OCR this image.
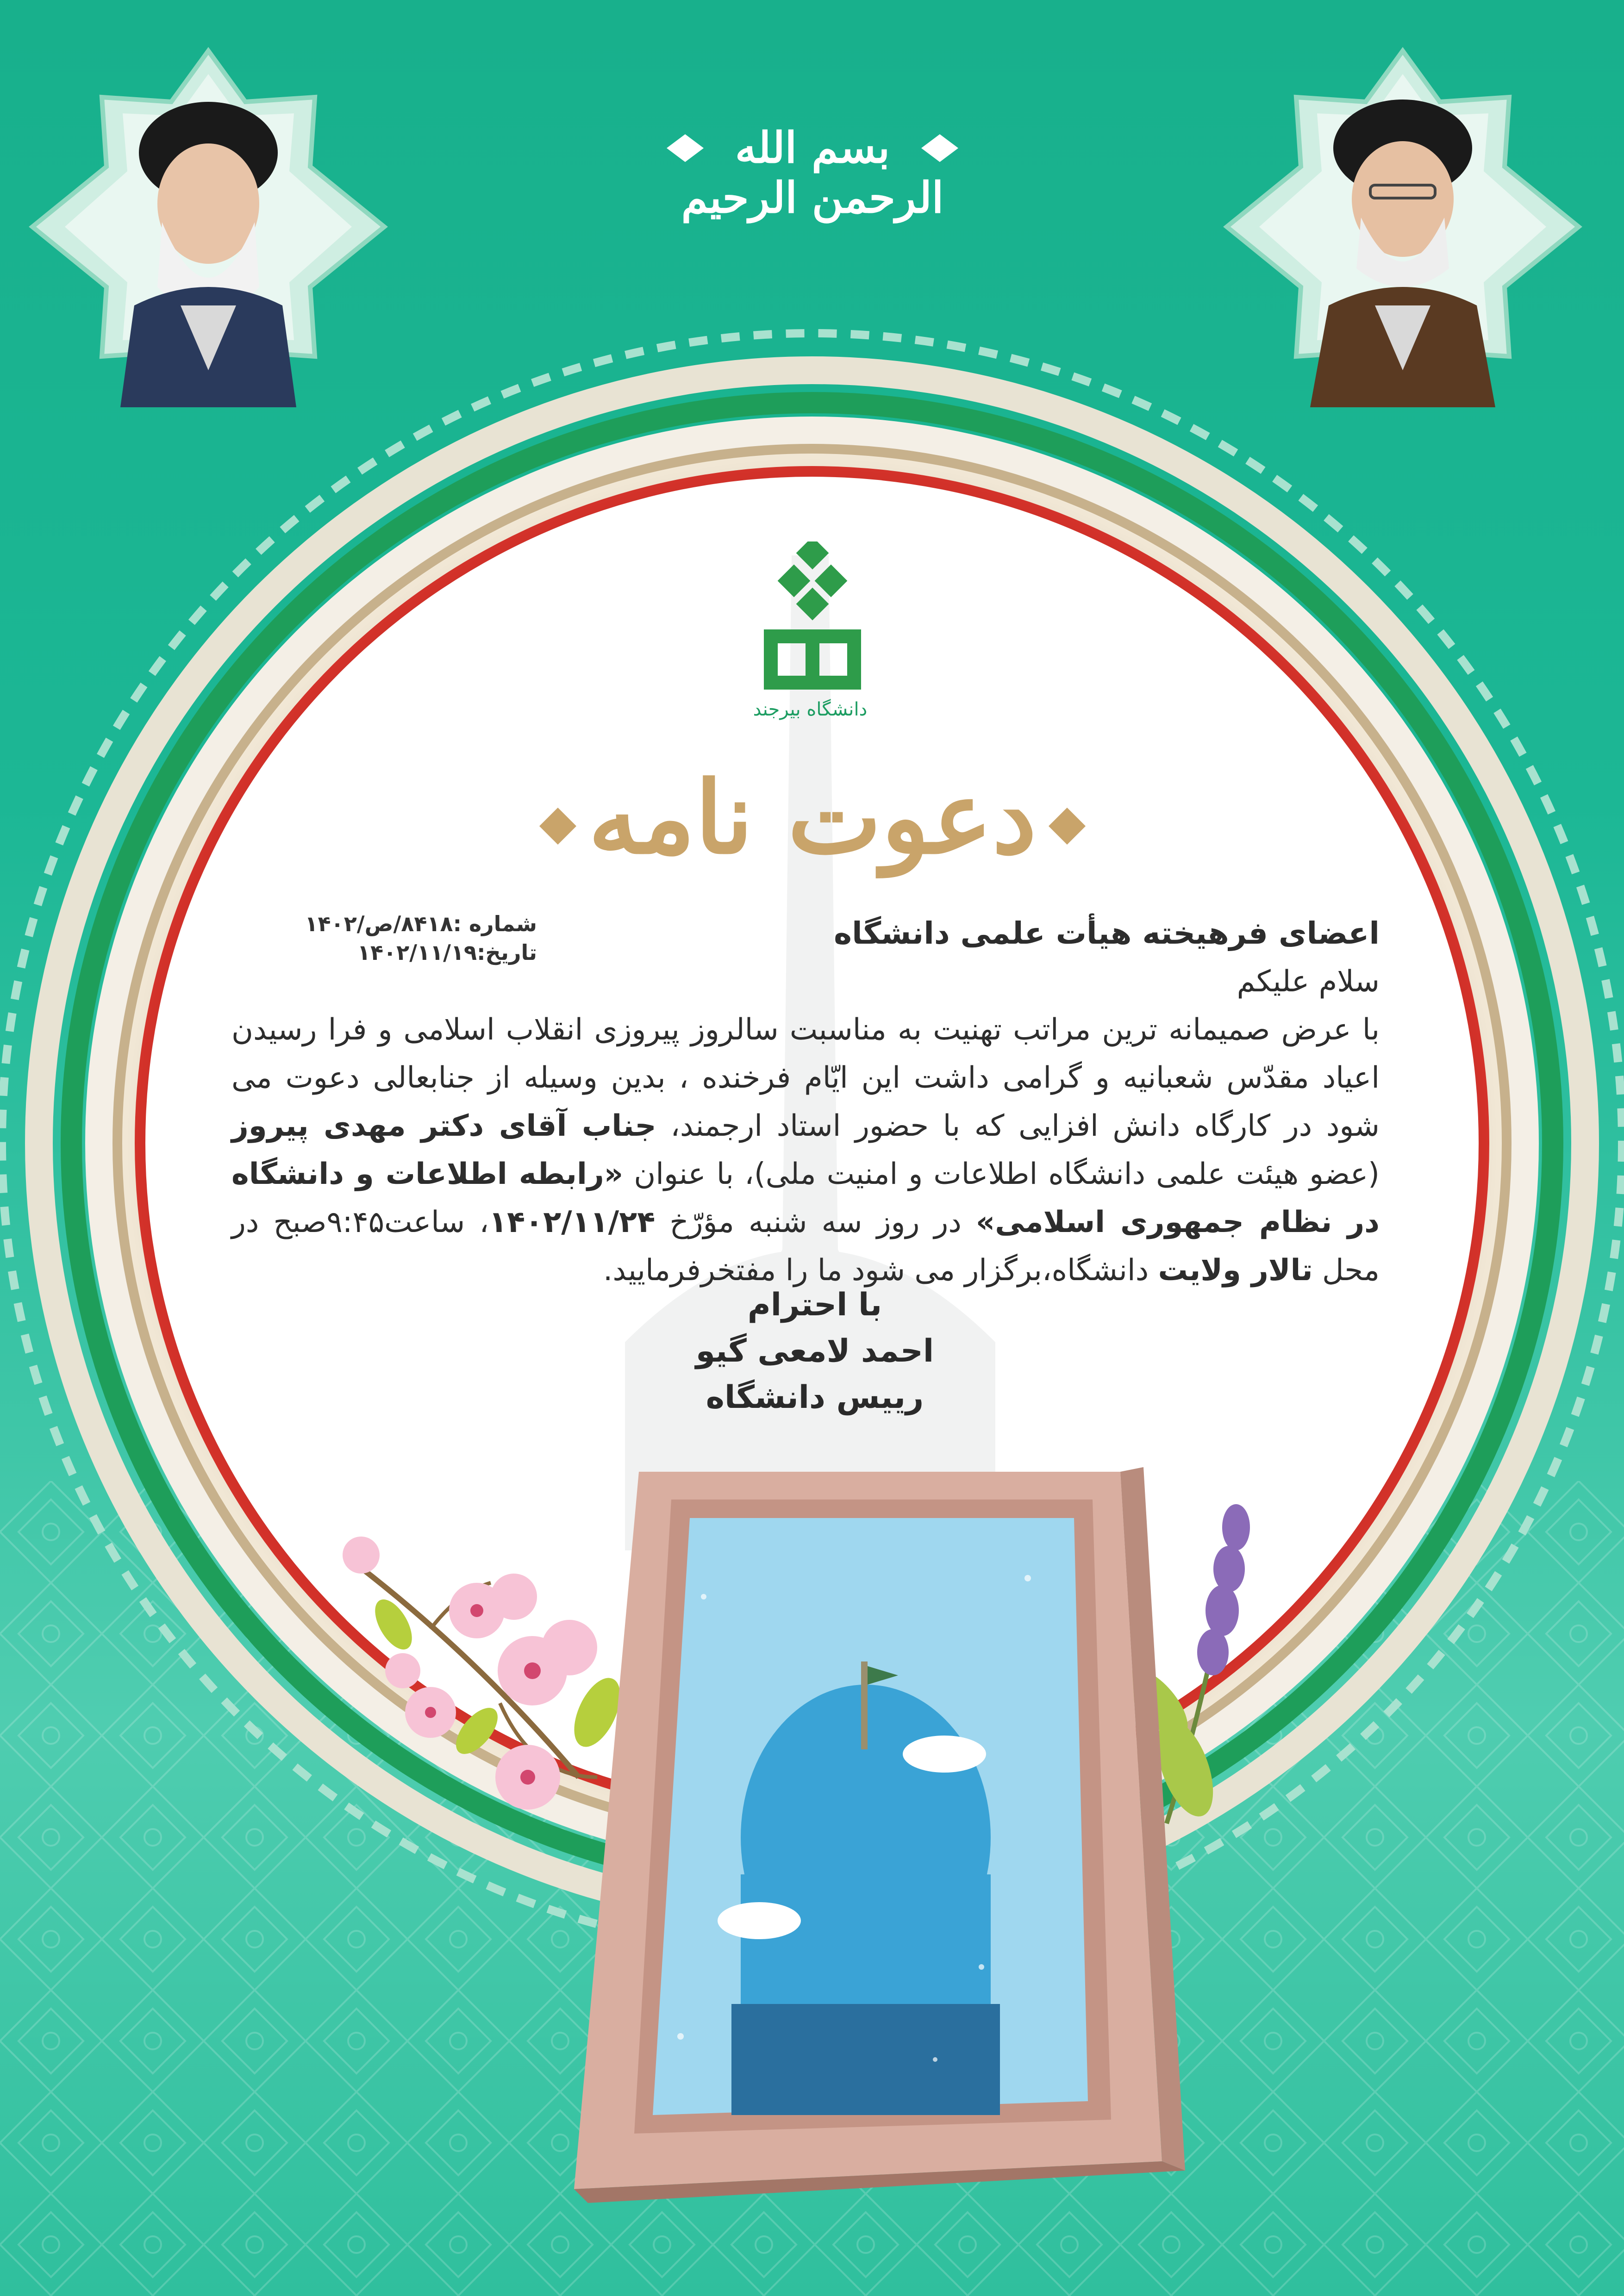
بسم الله الرحمن الرحیم
دانشگاه بیرجند
دعوت نامه
شماره :۸۴۱۸/ص/۱۴۰۲
تاریخ:۱۴۰۲/۱۱/۱۹
اعضای فرهیخته هیأت علمی دانشگاه
سلام علیکم
با عرض صمیمانه ترین مراتب تهنیت به مناسبت سالروز پیروزی انقلاب اسلامی و فرا رسیدن اعیاد مقدّس شعبانیه و گرامی داشت این ایّام فرخنده ، بدین وسیله از جنابعالی دعوت می شود در کارگاه دانش افزایی که با حضور استاد ارجمند، جناب آقای دکتر مهدی پیروز (عضو هیئت علمی دانشگاه اطلاعات و امنیت ملی)، با عنوان «رابطه اطلاعات و دانشگاه در نظام جمهوری اسلامی» در روز سه شنبه مؤرّخ ۱۴۰۲/۱۱/۲۴، ساعت۹:۴۵صبح در محل تالار ولایت دانشگاه،برگزار می شود ما را مفتخرفرمایید.
با احترام
احمد لامعی گیو
رییس دانشگاه
